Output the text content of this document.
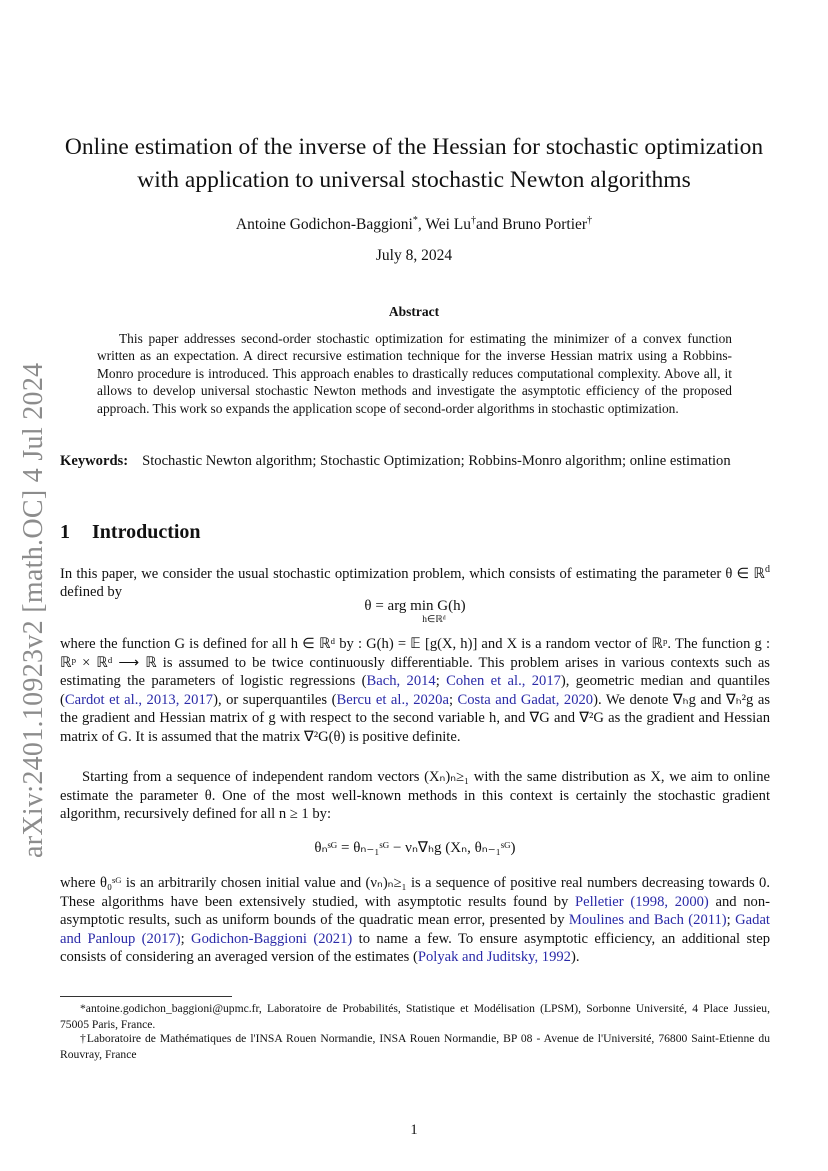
arXiv:2401.10923v2 [math.OC] 4 Jul 2024
Online estimation of the inverse of the Hessian for stochastic optimization
with application to universal stochastic Newton algorithms
Antoine Godichon-Baggioni*, Wei Lu†and Bruno Portier†
July 8, 2024
Abstract
This paper addresses second-order stochastic optimization for estimating the minimizer of a convex function written as an expectation. A direct recursive estimation technique for the inverse Hessian matrix using a Robbins-Monro procedure is introduced. This approach enables to drastically reduces computational complexity. Above all, it allows to develop universal stochastic Newton methods and investigate the asymptotic efficiency of the proposed approach. This work so expands the application scope of second-order algorithms in stochastic optimization.
Keywords: Stochastic Newton algorithm; Stochastic Optimization; Robbins-Monro algorithm; online estimation
1 Introduction
In this paper, we consider the usual stochastic optimization problem, which consists of estimating the parameter θ ∈ ℝ$^d$ defined by
θ = arg min G(h)
h∈ℝᵈ
where the function G is defined for all h ∈ ℝᵈ by : G(h) = 𝔼 [g(X, h)] and X is a random vector of ℝᵖ. The function g : ℝᵖ × ℝᵈ ⟶ ℝ is assumed to be twice continuously differentiable. This problem arises in various contexts such as estimating the parameters of logistic regressions (Bach, 2014; Cohen et al., 2017), geometric median and quantiles (Cardot et al., 2013, 2017), or superquantiles (Bercu et al., 2020a; Costa and Gadat, 2020). We denote ∇ₕg and ∇ₕ²g as the gradient and Hessian matrix of g with respect to the second variable h, and ∇G and ∇²G as the gradient and Hessian matrix of G. It is assumed that the matrix ∇²G(θ) is positive definite.
Starting from a sequence of independent random vectors (Xₙ)ₙ≥₁ with the same distribution as X, we aim to online estimate the parameter θ. One of the most well-known methods in this context is certainly the stochastic gradient algorithm, recursively defined for all n ≥ 1 by:
θₙˢᴳ = θₙ₋₁ˢᴳ − νₙ∇ₕg (Xₙ, θₙ₋₁ˢᴳ)
where θ₀ˢᴳ is an arbitrarily chosen initial value and (νₙ)ₙ≥₁ is a sequence of positive real numbers decreasing towards 0. These algorithms have been extensively studied, with asymptotic results found by Pelletier (1998, 2000) and non-asymptotic results, such as uniform bounds of the quadratic mean error, presented by Moulines and Bach (2011); Gadat and Panloup (2017); Godichon-Baggioni (2021) to name a few. To ensure asymptotic efficiency, an additional step consists of considering an averaged version of the estimates (Polyak and Juditsky, 1992).
*antoine.godichon_baggioni@upmc.fr, Laboratoire de Probabilités, Statistique et Modélisation (LPSM), Sorbonne Université, 4 Place Jussieu, 75005 Paris, France.
†Laboratoire de Mathématiques de l'INSA Rouen Normandie, INSA Rouen Normandie, BP 08 - Avenue de l'Université, 76800 Saint-Etienne du Rouvray, France
1
